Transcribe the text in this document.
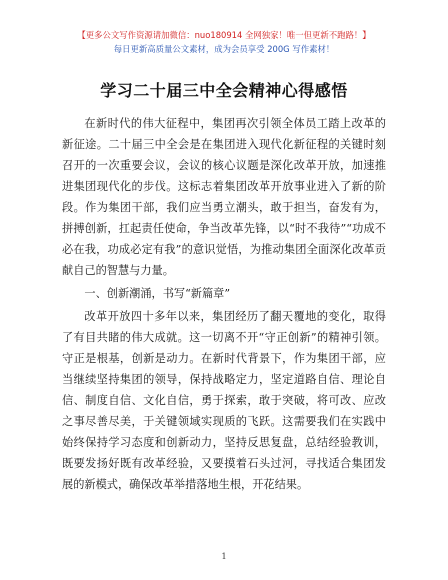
【更多公文写作资源请加微信：nuo180914 全网独家！唯一但更新不跑路！】
每日更新高质量公文素材，成为会员享受 200G 写作素材！
学习二十届三中全会精神心得感悟

在新时代的伟大征程中，集团再次引领全体员工踏上改革的新征途。二十届三中全会是在集团进入现代化新征程的关键时刻召开的一次重要会议，会议的核心议题是深化改革开放，加速推进集团现代化的步伐。这标志着集团改革开放事业进入了新的阶段。作为集团干部，我们应当勇立潮头，敢于担当，奋发有为，拼搏创新，扛起责任使命，争当改革先锋，以“时不我待”“功成不必在我，功成必定有我”的意识觉悟，为推动集团全面深化改革贡献自己的智慧与力量。

一、创新潮涌，书写“新篇章”

改革开放四十多年以来，集团经历了翻天覆地的变化，取得了有目共睹的伟大成就。这一切离不开“守正创新”的精神引领。守正是根基，创新是动力。在新时代背景下，作为集团干部，应当继续坚持集团的领导，保持战略定力，坚定道路自信、理论自信、制度自信、文化自信，勇于探索，敢于突破，将可改、应改之事尽善尽美，于关键领域实现质的飞跃。这需要我们在实践中始终保持学习态度和创新动力，坚持反思复盘，总结经验教训，既要发扬好既有改革经验，又要摸着石头过河，寻找适合集团发展的新模式，确保改革举措落地生根，开花结果。

1
